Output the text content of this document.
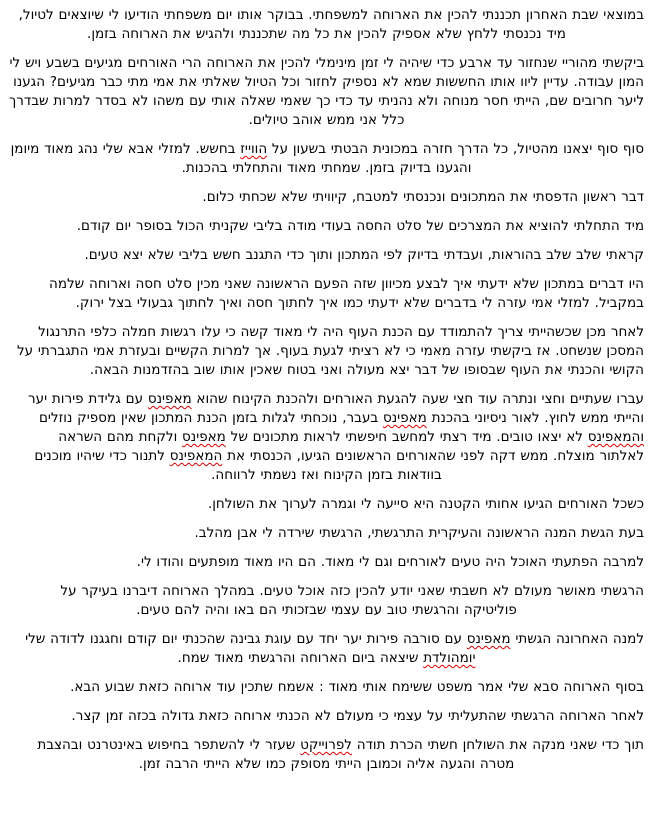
במוצאי שבת האחרון תכננתי להכין את הארוחה למשפחתי. בבוקר אותו יום משפחתי הודיעו לי שיוצאים לטיול, מיד נכנסתי ללחץ שלא אספיק להכין את כל מה שתכננתי ולהגיש את הארוחה בזמן.

ביקשתי מהוריי שנחזור עד ארבע כדי שיהיה לי זמן מינימלי להכין את הארוחה הרי האורחים מגיעים בשבע ויש לי המון עבודה. עדיין ליוו אותו החששות שמא לא נספיק לחזור וכל הטיול שאלתי את אמי מתי כבר מגיעים? הגענו ליער חרובים שם, הייתי חסר מנוחה ולא נהניתי עד כדי כך שאמי שאלה אותי עם משהו לא בסדר למרות שבדרך כלל אני ממש אוהב טיולים.

סוף סוף יצאנו מהטיול, כל הדרך חזרה במכונית הבטתי בשעון על הווייז בחשש. למזלי אבא שלי נהג מאוד מיומן והגענו בדיוק בזמן. שמחתי מאוד והתחלתי בהכנות.

דבר ראשון הדפסתי את המתכונים ונכנסתי למטבח, קיוויתי שלא שכחתי כלום.

מיד התחלתי להוציא את המצרכים של סלט החסה בעודי מודה בליבי שקניתי הכול בסופר יום קודם.

קראתי שלב שלב בהוראות, ועבדתי בדיוק לפי המתכון ותוך כדי התגנב חשש בליבי שלא יצא טעים.

היו דברים במתכון שלא ידעתי איך לבצע מכיוון שזה הפעם הראשונה שאני מכין סלט חסה וארוחה שלמה במקביל. למזלי אמי עזרה לי בדברים שלא ידעתי כמו איך לחתוך חסה ואיך לחתוך גבעולי בצל ירוק.

לאחר מכן שכשהייתי צריך להתמודד עם הכנת העוף היה לי מאוד קשה כי עלו רגשות חמלה כלפי התרנגול המסכן שנשחט. אז ביקשתי עזרה מאמי כי לא רציתי לגעת בעוף. אך למרות הקשיים ובעזרת אמי התגברתי על הקושי והכנתי את העוף שבסופו של דבר יצא מעולה ואני בטוח שאכין אותו שוב בהזדמנות הבאה.

עברו שעתיים וחצי ונתרה עוד חצי שעה להגעת האורחים ולהכנת הקינוח שהוא מאפינס עם גלידת פירות יער והייתי ממש לחוץ. לאור ניסיוני בהכנת מאפינס בעבר, נוכחתי לגלות בזמן הכנת המתכון שאין מספיק נוזלים והמאפינס לא יצאו טובים. מיד רצתי למחשב חיפשתי לראות מתכונים של מאפינס ולקחת מהם השראה לאלתור מוצלח. ממש דקה לפני שהאורחים הראשונים הגיעו, הכנסתי את המאפינס לתנור כדי שיהיו מוכנים בוודאות בזמן הקינוח ואז נשמתי לרווחה.

כשכל האורחים הגיעו אחותי הקטנה היא סייעה לי וגמרה לערוך את השולחן.

בעת הגשת המנה הראשונה והעיקרית התרגשתי, הרגשתי שירדה לי אבן מהלב.

למרבה הפתעתי האוכל היה טעים לאורחים וגם לי מאוד. הם היו מאוד מופתעים והודו לי.

הרגשתי מאושר מעולם לא חשבתי שאני יודע להכין כזה אוכל טעים. במהלך הארוחה דיברנו בעיקר על פוליטיקה והרגשתי טוב עם עצמי שבזכותי הם באו והיה להם טעים.

למנה האחרונה הגשתי מאפינס עם סורבה פירות יער יחד עם עוגת גבינה שהכנתי יום קודם וחגגנו לדודה שלי יומהולדת שיצאה ביום הארוחה והרגשתי מאוד שמח.

בסוף הארוחה סבא שלי אמר משפט ששימח אותי מאוד : אשמח שתכין עוד ארוחה כזאת שבוע הבא.

לאחר הארוחה הרגשתי שהתעליתי על עצמי כי מעולם לא הכנתי ארוחה כזאת גדולה בכזה זמן קצר.

תוך כדי שאני מנקה את השולחן חשתי הכרת תודה לפרוייקט שעזר לי להשתפר בחיפוש באינטרנט ובהצבת מטרה והגעה אליה וכמובן הייתי מסופק כמו שלא הייתי הרבה זמן.
